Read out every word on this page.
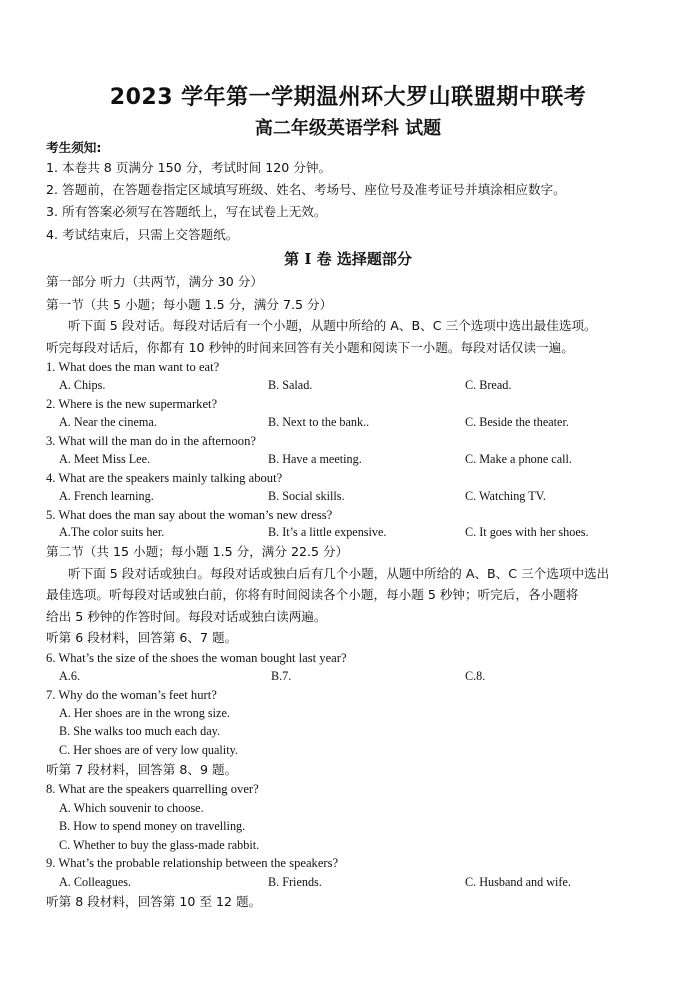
2023 学年第一学期温州环大罗山联盟期中联考
高二年级英语学科 试题
考生须知:
1. 本卷共 8 页满分 150 分，考试时间 120 分钟。
2. 答题前，在答题卷指定区域填写班级、姓名、考场号、座位号及准考证号并填涂相应数字。
3. 所有答案必须写在答题纸上，写在试卷上无效。
4. 考试结束后，只需上交答题纸。
第 I 卷 选择题部分
第一部分 听力（共两节，满分 30 分）
第一节（共 5 小题；每小题 1.5 分，满分 7.5 分）
听下面 5 段对话。每段对话后有一个小题，从题中所给的 A、B、C 三个选项中选出最佳选项。
听完每段对话后，你都有 10 秒钟的时间来回答有关小题和阅读下一小题。每段对话仅读一遍。
1. What does the man want to eat?
A. Chips.	B. Salad.	C. Bread.
2. Where is the new supermarket?
A. Near the cinema.	B. Next to the bank..	C. Beside the theater.
3. What will the man do in the afternoon?
A. Meet Miss Lee.	B. Have a meeting.	C. Make a phone call.
4. What are the speakers mainly talking about?
A. French learning.	B. Social skills.	C. Watching TV.
5. What does the man say about the woman’s new dress?
A.The color suits her.	B. It’s a little expensive.	C. It goes with her shoes.
第二节（共 15 小题；每小题 1.5 分，满分 22.5 分）
听下面 5 段对话或独白。每段对话或独白后有几个小题，从题中所给的 A、B、C 三个选项中选出
最佳选项。听每段对话或独白前，你将有时间阅读各个小题，每小题 5 秒钟；听完后，各小题将
给出 5 秒钟的作答时间。每段对话或独白读两遍。
听第 6 段材料，回答第 6、7 题。
6. What’s the size of the shoes the woman bought last year?
A.6.	B.7.	C.8.
7. Why do the woman’s feet hurt?
A. Her shoes are in the wrong size.
B. She walks too much each day.
C. Her shoes are of very low quality.
听第 7 段材料，回答第 8、9 题。
8. What are the speakers quarrelling over?
A. Which souvenir to choose.
B. How to spend money on travelling.
C. Whether to buy the glass-made rabbit.
9. What’s the probable relationship between the speakers?
A. Colleagues.	B. Friends.	C. Husband and wife.
听第 8 段材料，回答第 10 至 12 题。
